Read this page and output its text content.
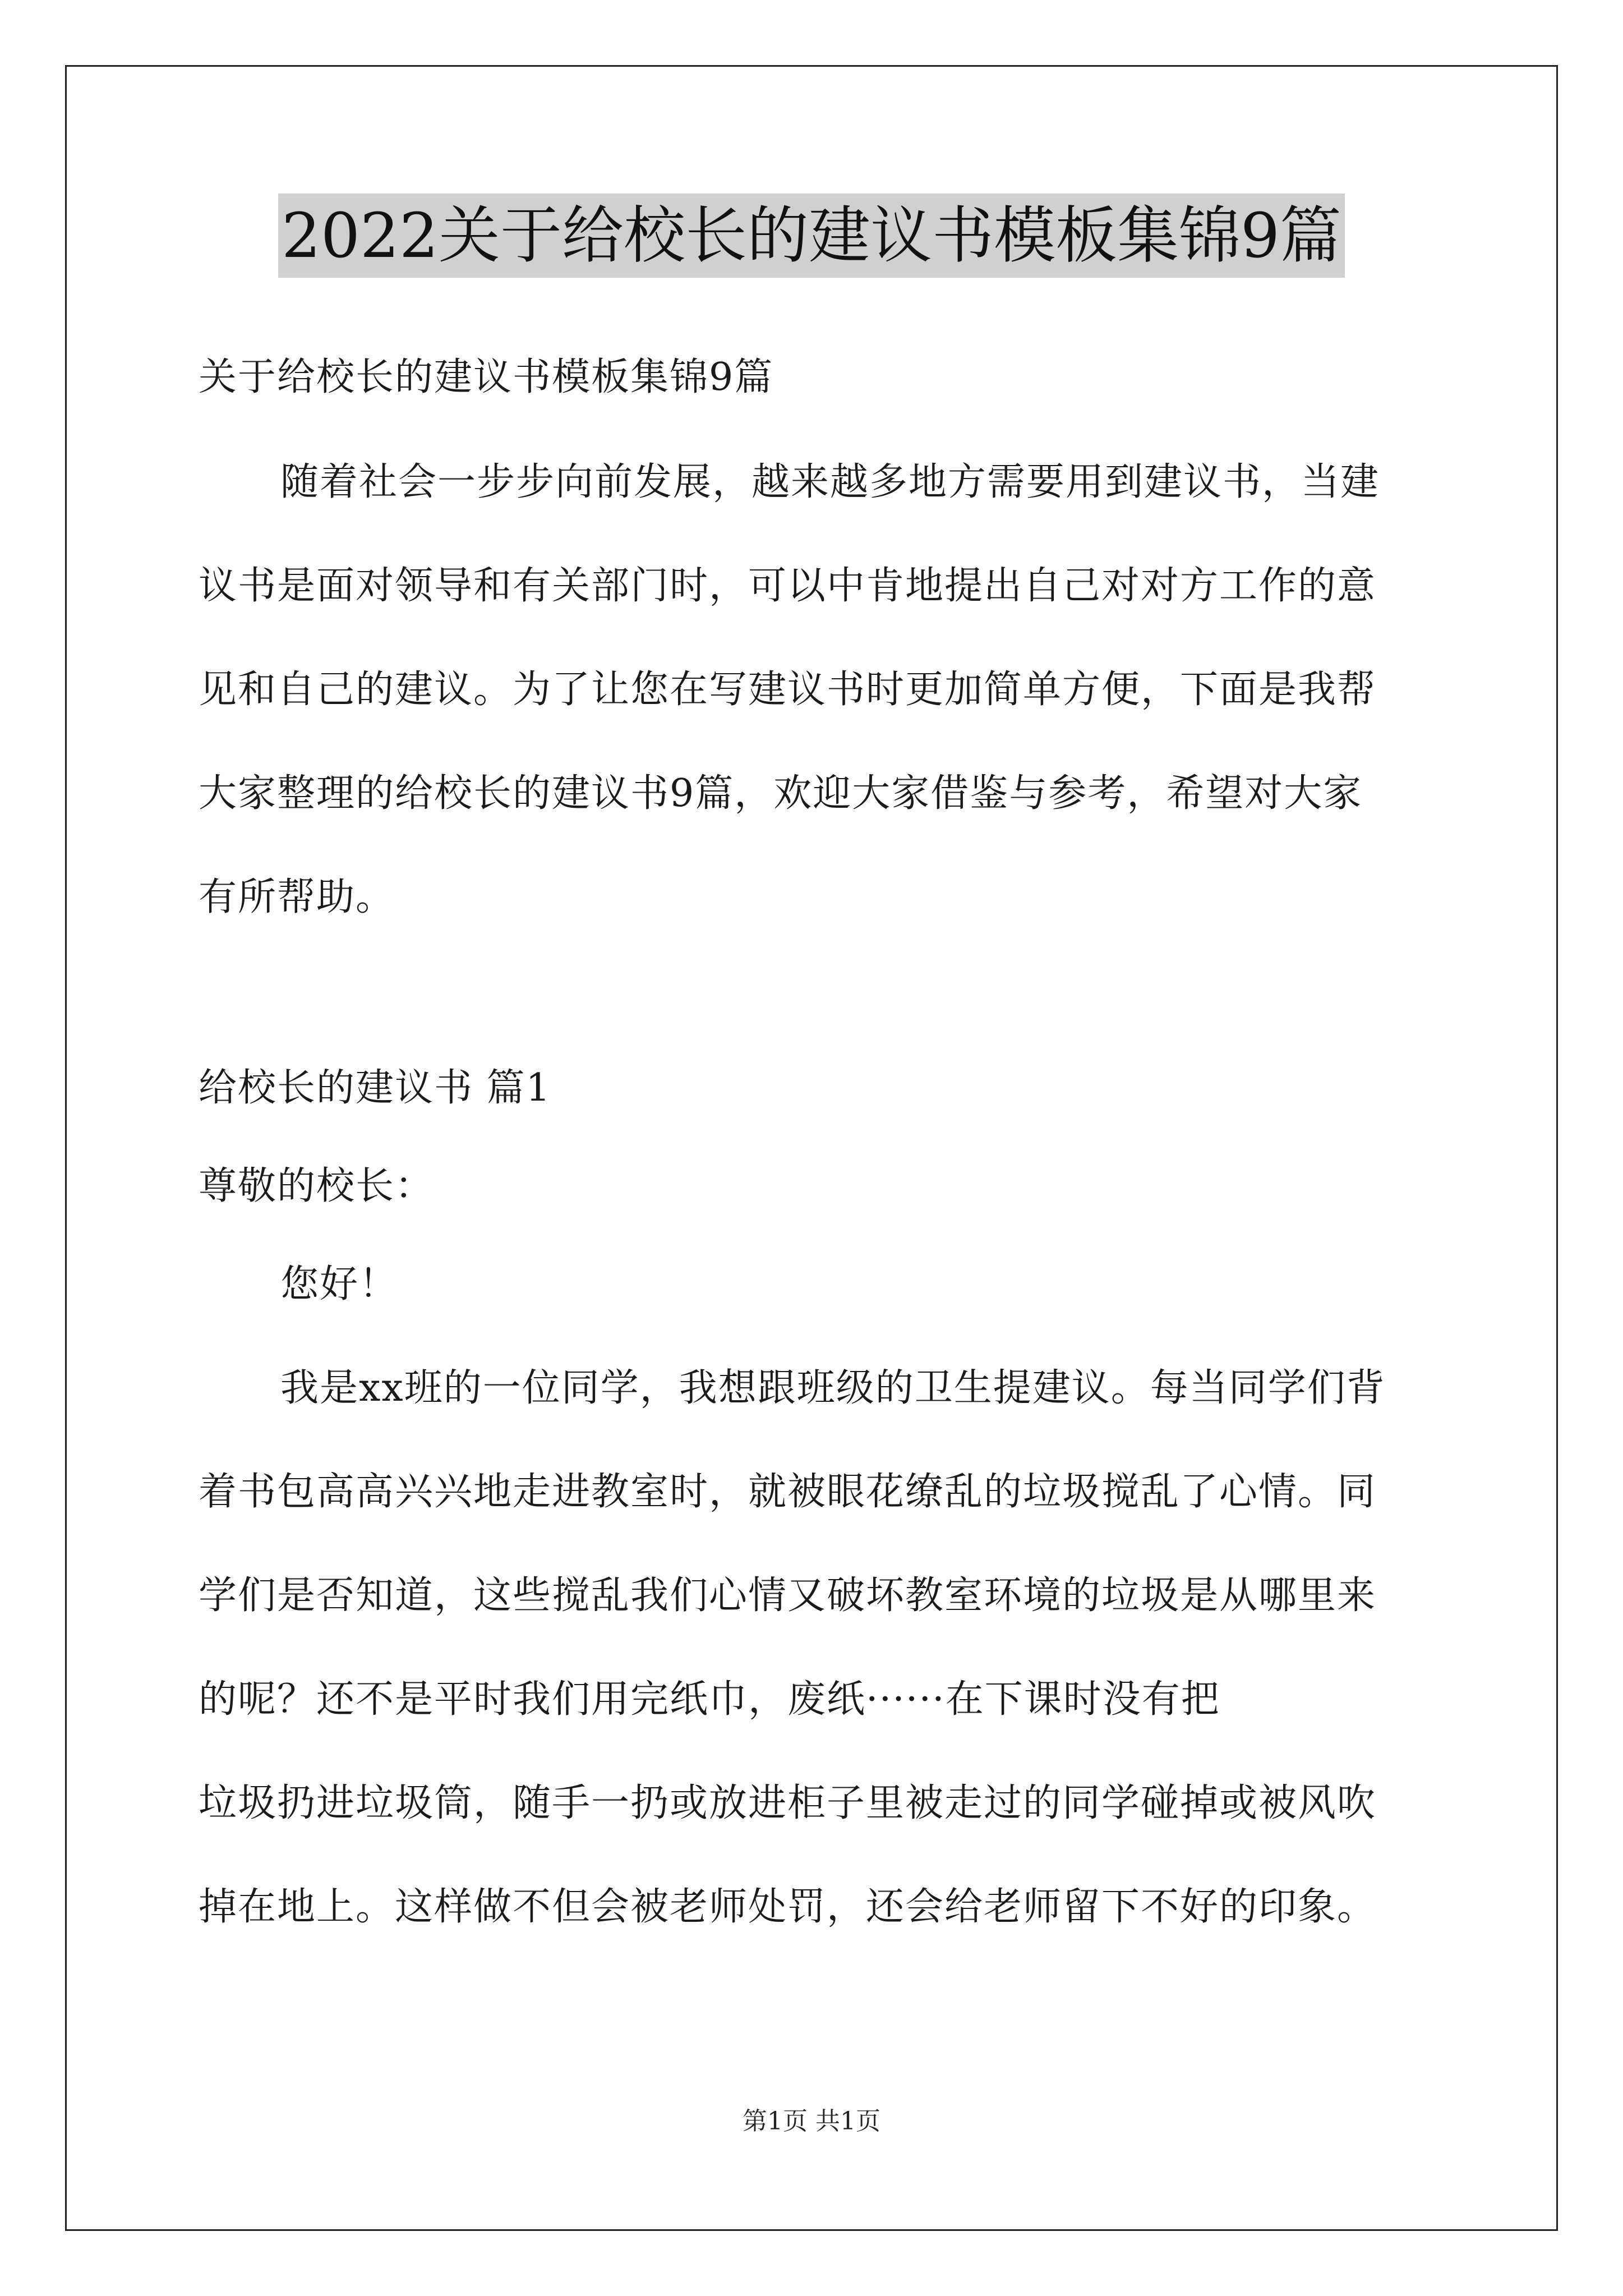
2022关于给校长的建议书模板集锦9篇
关于给校长的建议书模板集锦9篇
随着社会一步步向前发展，越来越多地方需要用到建议书，当建
议书是面对领导和有关部门时，可以中肯地提出自己对对方工作的意
见和自己的建议。为了让您在写建议书时更加简单方便，下面是我帮
大家整理的给校长的建议书9篇，欢迎大家借鉴与参考，希望对大家
有所帮助。
给校长的建议书 篇1
尊敬的校长：
您好！
我是xx班的一位同学，我想跟班级的卫生提建议。每当同学们背
着书包高高兴兴地走进教室时，就被眼花缭乱的垃圾搅乱了心情。同
学们是否知道，这些搅乱我们心情又破坏教室环境的垃圾是从哪里来
的呢？还不是平时我们用完纸巾，废纸······在下课时没有把
垃圾扔进垃圾筒，随手一扔或放进柜子里被走过的同学碰掉或被风吹
掉在地上。这样做不但会被老师处罚，还会给老师留下不好的印象。
第1页 共1页
